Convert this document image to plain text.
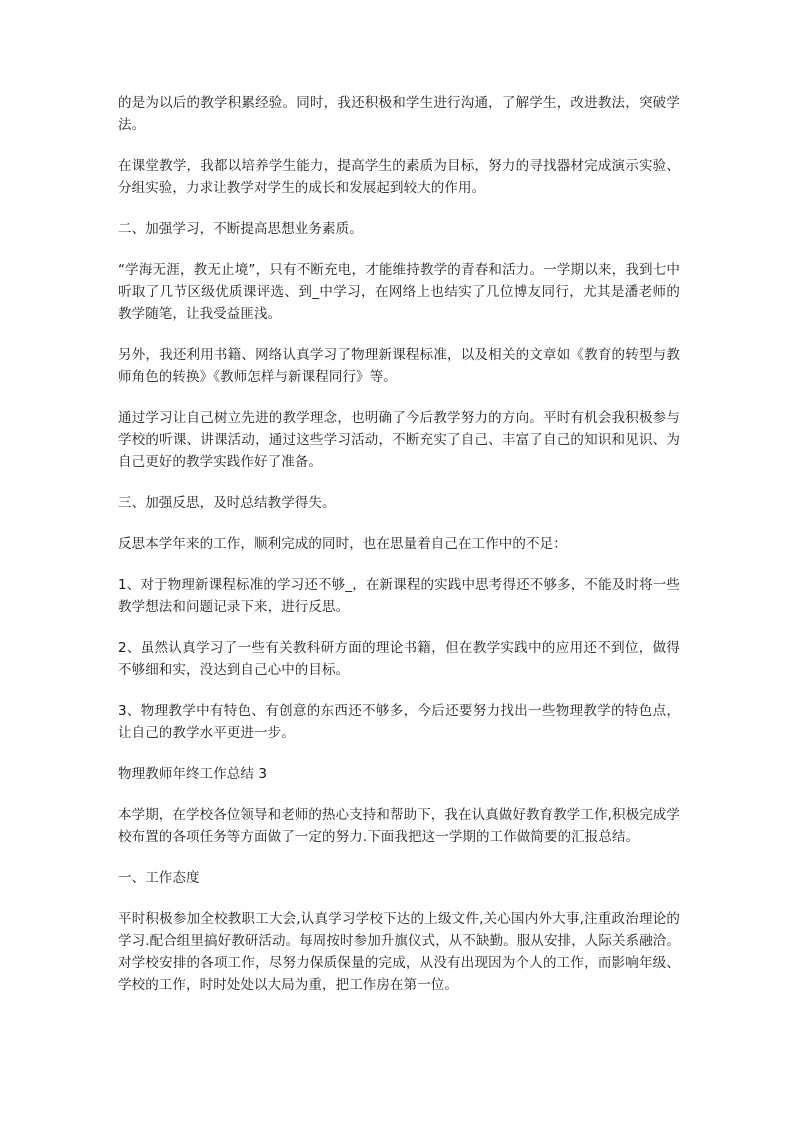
的是为以后的教学积累经验。同时，我还积极和学生进行沟通，了解学生，改进教法，突破学法。

在课堂教学，我都以培养学生能力，提高学生的素质为目标，努力的寻找器材完成演示实验、分组实验，力求让教学对学生的成长和发展起到较大的作用。

二、加强学习，不断提高思想业务素质。

“学海无涯，教无止境”，只有不断充电，才能维持教学的青春和活力。一学期以来，我到七中听取了几节区级优质课评选、到_中学习，在网络上也结实了几位博友同行，尤其是潘老师的教学随笔，让我受益匪浅。

另外，我还利用书籍、网络认真学习了物理新课程标准，以及相关的文章如《教育的转型与教师角色的转换》《教师怎样与新课程同行》等。

通过学习让自己树立先进的教学理念，也明确了今后教学努力的方向。平时有机会我积极参与学校的听课、讲课活动，通过这些学习活动，不断充实了自己、丰富了自己的知识和见识、为自己更好的教学实践作好了准备。

三、加强反思，及时总结教学得失。

反思本学年来的工作，顺利完成的同时，也在思量着自己在工作中的不足：

1、对于物理新课程标准的学习还不够_，在新课程的实践中思考得还不够多，不能及时将一些教学想法和问题记录下来，进行反思。

2、虽然认真学习了一些有关教科研方面的理论书籍，但在教学实践中的应用还不到位，做得不够细和实，没达到自己心中的目标。

3、物理教学中有特色、有创意的东西还不够多，今后还要努力找出一些物理教学的特色点，让自己的教学水平更进一步。

物理教师年终工作总结 3

本学期，在学校各位领导和老师的热心支持和帮助下，我在认真做好教育教学工作,积极完成学校布置的各项任务等方面做了一定的努力.下面我把这一学期的工作做简要的汇报总结。

一、工作态度

平时积极参加全校教职工大会,认真学习学校下达的上级文件,关心国内外大事,注重政治理论的学习.配合组里搞好教研活动。每周按时参加升旗仪式，从不缺勤。服从安排，人际关系融洽。对学校安排的各项工作，尽努力保质保量的完成，从没有出现因为个人的工作，而影响年级、学校的工作，时时处处以大局为重，把工作房在第一位。
